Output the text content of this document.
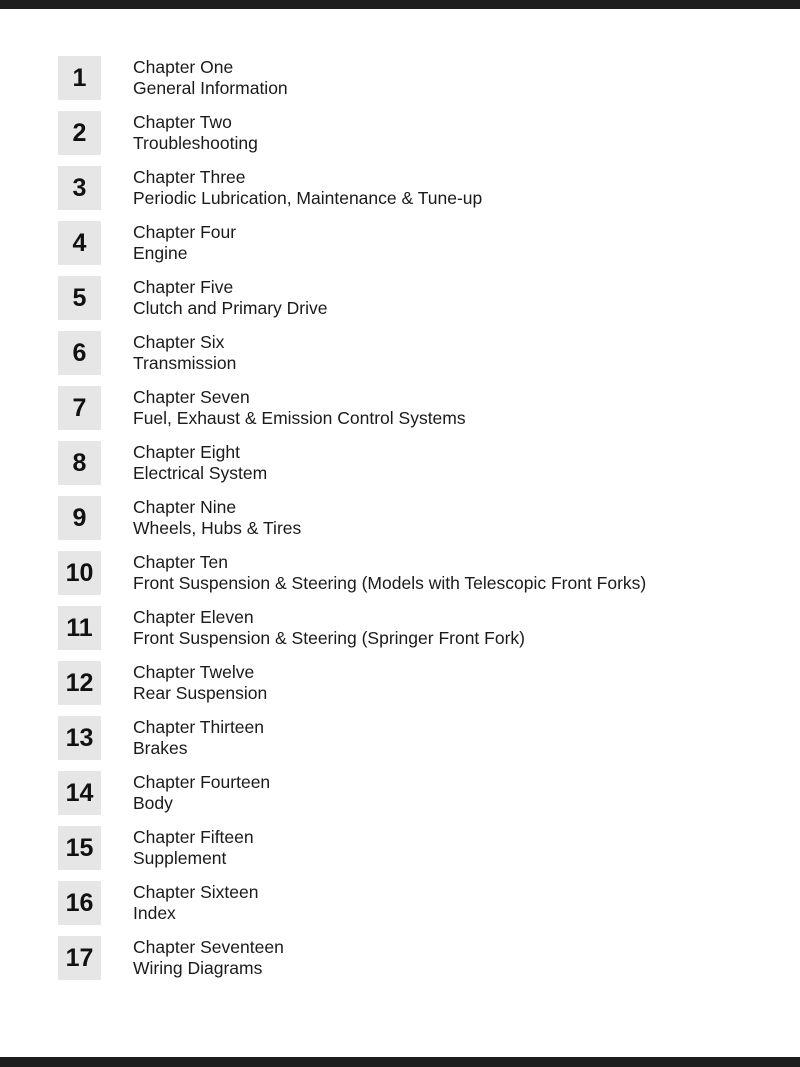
1	Chapter One
General Information
2	Chapter Two
Troubleshooting
3	Chapter Three
Periodic Lubrication, Maintenance & Tune-up
4	Chapter Four
Engine
5	Chapter Five
Clutch and Primary Drive
6	Chapter Six
Transmission
7	Chapter Seven
Fuel, Exhaust & Emission Control Systems
8	Chapter Eight
Electrical System
9	Chapter Nine
Wheels, Hubs & Tires
10	Chapter Ten
Front Suspension & Steering (Models with Telescopic Front Forks)
11	Chapter Eleven
Front Suspension & Steering (Springer Front Fork)
12	Chapter Twelve
Rear Suspension
13	Chapter Thirteen
Brakes
14	Chapter Fourteen
Body
15	Chapter Fifteen
Supplement
16	Chapter Sixteen
Index
17	Chapter Seventeen
Wiring Diagrams
